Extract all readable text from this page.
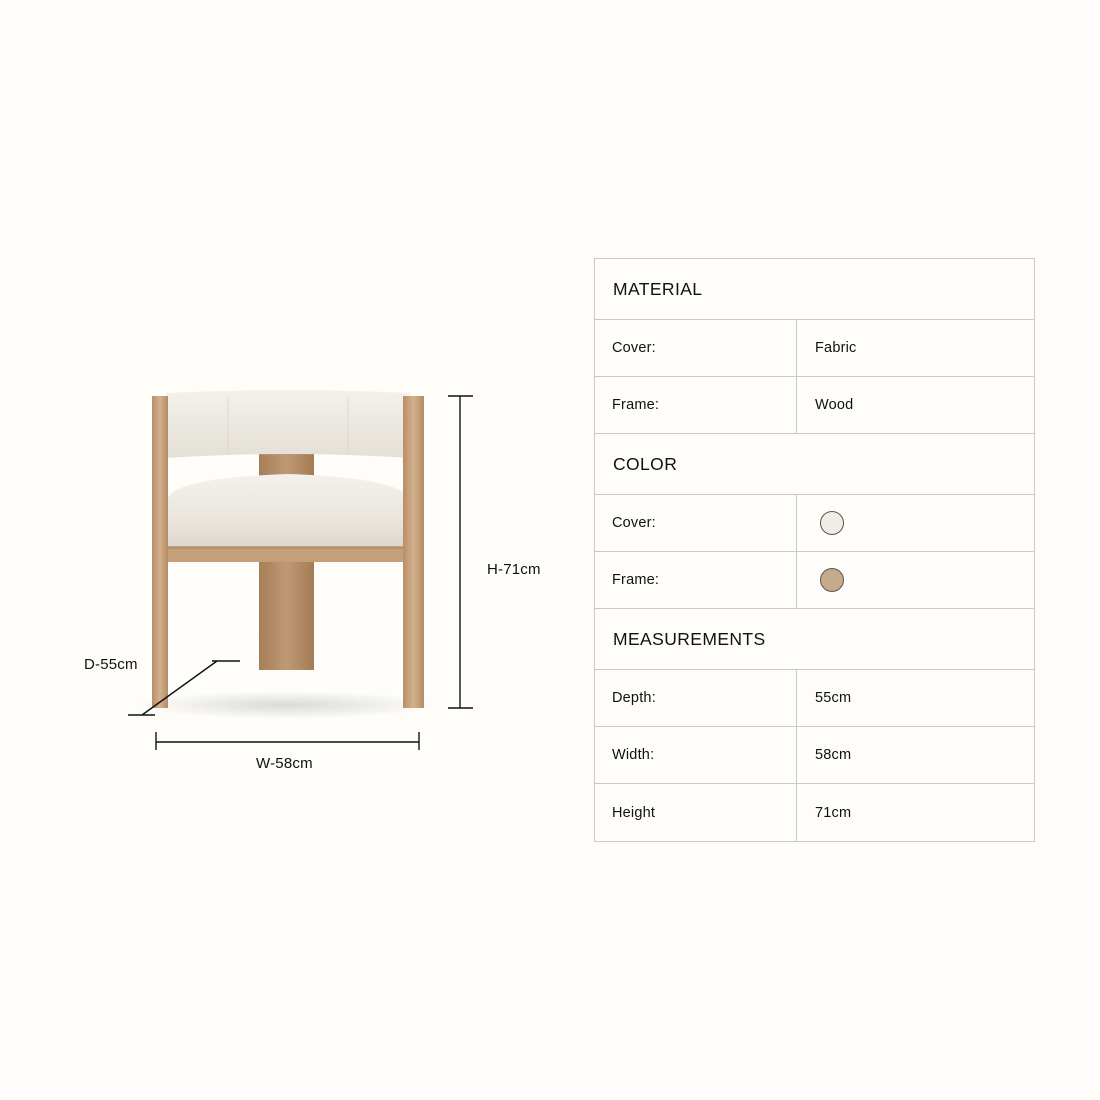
H-71cm
D-55cm
W-58cm
MATERIAL
Cover:	Fabric
Frame:	Wood
COLOR
Cover:
Frame:
MEASUREMENTS
Depth:	55cm
Width:	58cm
Height	71cm
